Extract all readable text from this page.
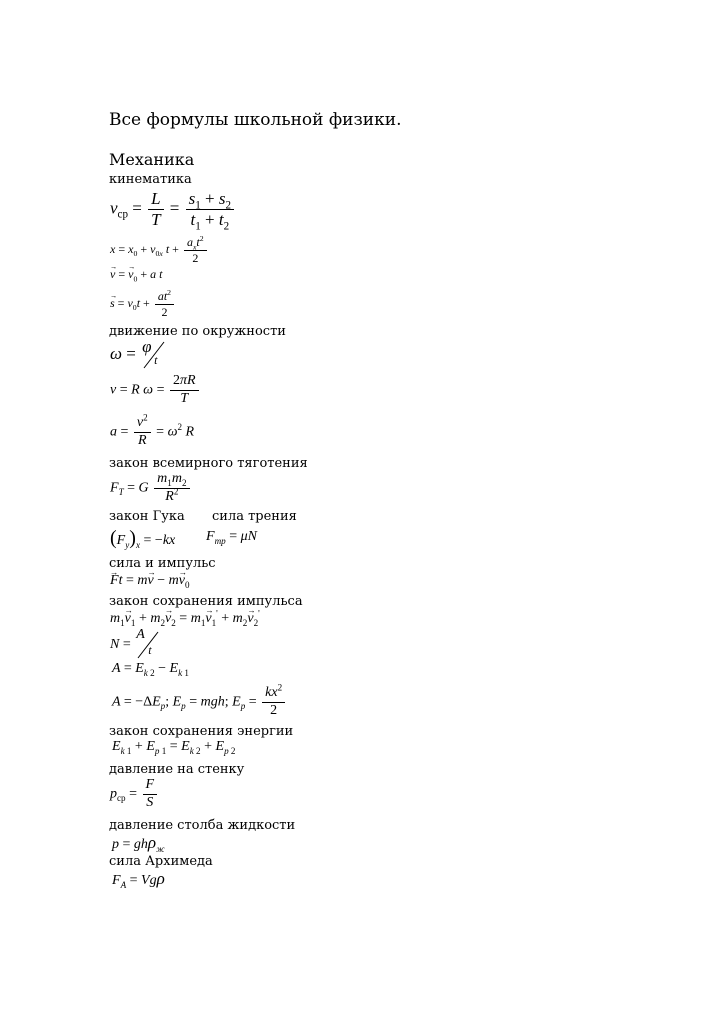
Все формулы школьной физики.
Механика
кинематика
$v_{ср} = \frac{L}{T} = \frac{s_1 + s_2}{t_1 + t_2}$
$x = x_0 + v_{0x}$ $t + \frac{a_xt^2}{2}$
→ v = → $v_0 + a$ t
→ $s = v_0t + \frac{at^2}{2}$
движение по окружности
ω = φ
t
v = R $\omega = \frac{2\pi R}{T}$
$a = \frac{v^2}{R} = \omega^2$ R
закон всемирного тяготения
$F_T = G \frac{m_1m_2}{R^2}$
закон Гука сила трения
$(F_y)_x = -kx$ $F_{тр} = \mu N$
сила и импульс
→ $Ft = m\to v - m\to v_0$
закон сохранения импульса
$m_1\to v_1 + m_2\to v_2 = m_1\to v_1' + m_2\to v_2'$
N =
A
t
$A = E_{k 2} - E_{k 1}$
$A = -\Delta E_p$; $E_p$ = mgh; $E_p = \frac{kx^2}{2}$
закон сохранения энергии
$E_{k 1} + E_{p 1} = E_{k 2} + E_{p 2}$
давление на стенку
$p_{ср} = \frac{F}{S}$
давление столба жидкости
p = ghρ$_ж$
сила Архимеда
$F_A = Vg\rho$
